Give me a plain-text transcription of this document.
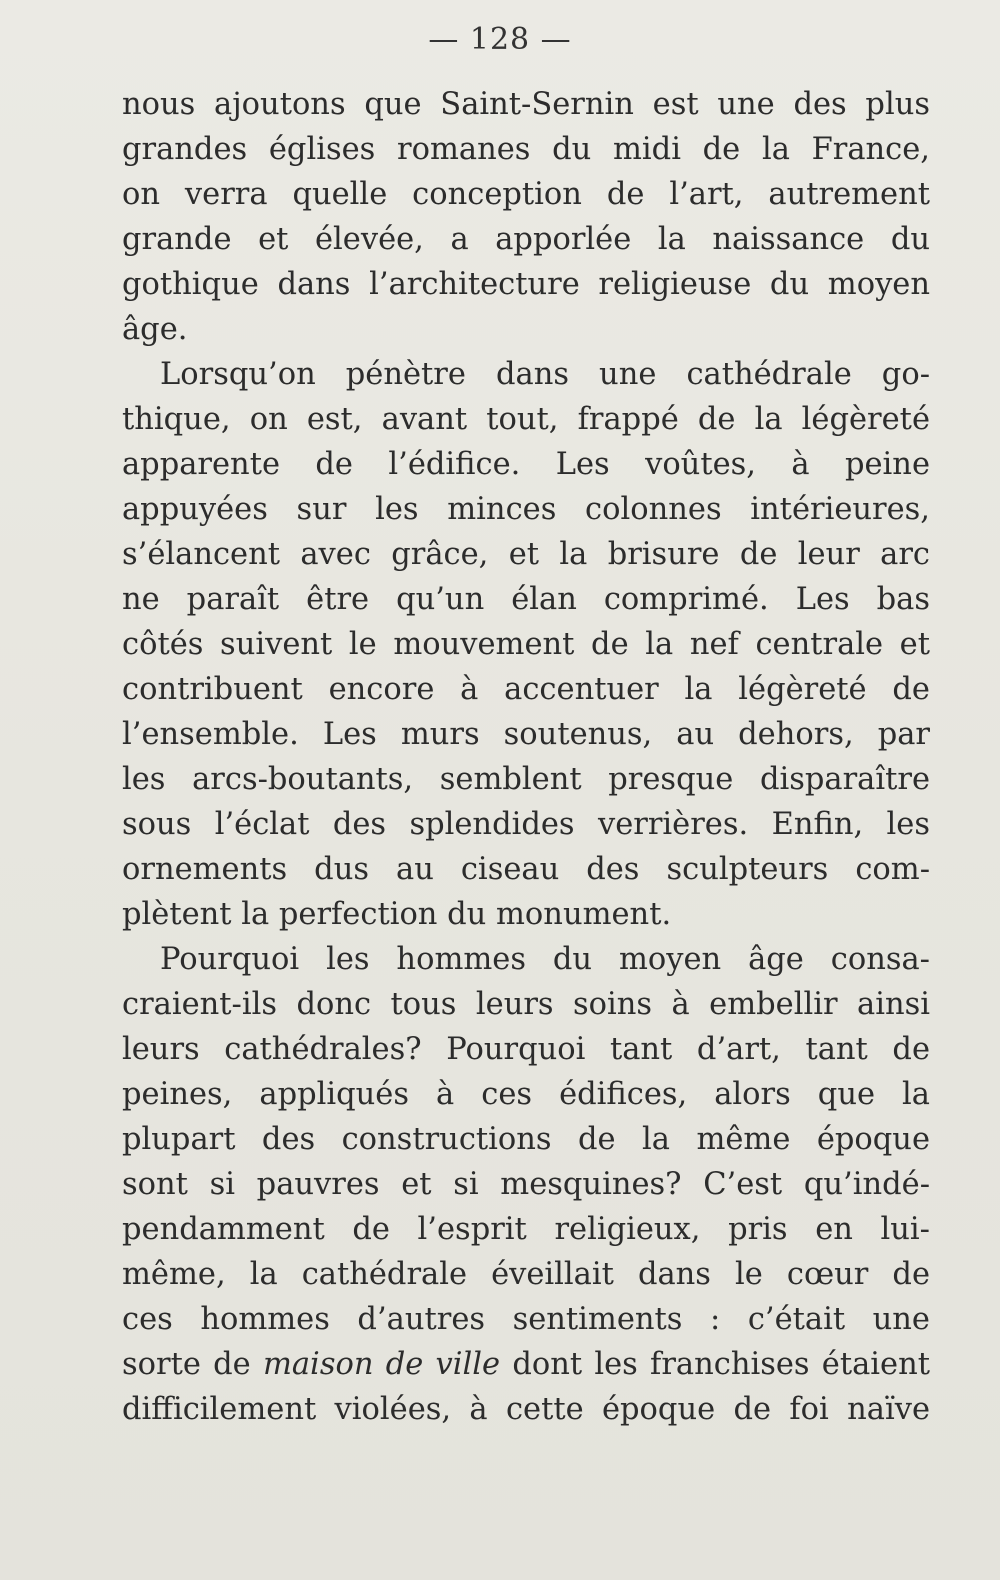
— 128 —
nous ajoutons que Saint-Sernin est une des plus
grandes églises romanes du midi de la France,
on verra quelle conception de l’art, autrement
grande et élevée, a apporlée la naissance du
gothique dans l’architecture religieuse du moyen
âge.
Lorsqu’on pénètre dans une cathédrale go-
thique, on est, avant tout, frappé de la légèreté
apparente de l’édifice. Les voûtes, à peine
appuyées sur les minces colonnes intérieures,
s’élancent avec grâce, et la brisure de leur arc
ne paraît être qu’un élan comprimé. Les bas
côtés suivent le mouvement de la nef centrale et
contribuent encore à accentuer la légèreté de
l’ensemble. Les murs soutenus, au dehors, par
les arcs-boutants, semblent presque disparaître
sous l’éclat des splendides verrières. Enfin, les
ornements dus au ciseau des sculpteurs com-
plètent la perfection du monument.
Pourquoi les hommes du moyen âge consa-
craient-ils donc tous leurs soins à embellir ainsi
leurs cathédrales? Pourquoi tant d’art, tant de
peines, appliqués à ces édifices, alors que la
plupart des constructions de la même époque
sont si pauvres et si mesquines? C’est qu’indé-
pendamment de l’esprit religieux, pris en lui-
même, la cathédrale éveillait dans le cœur de
ces hommes d’autres sentiments : c’était une
sorte de maison de ville dont les franchises étaient
difficilement violées, à cette époque de foi naïve
